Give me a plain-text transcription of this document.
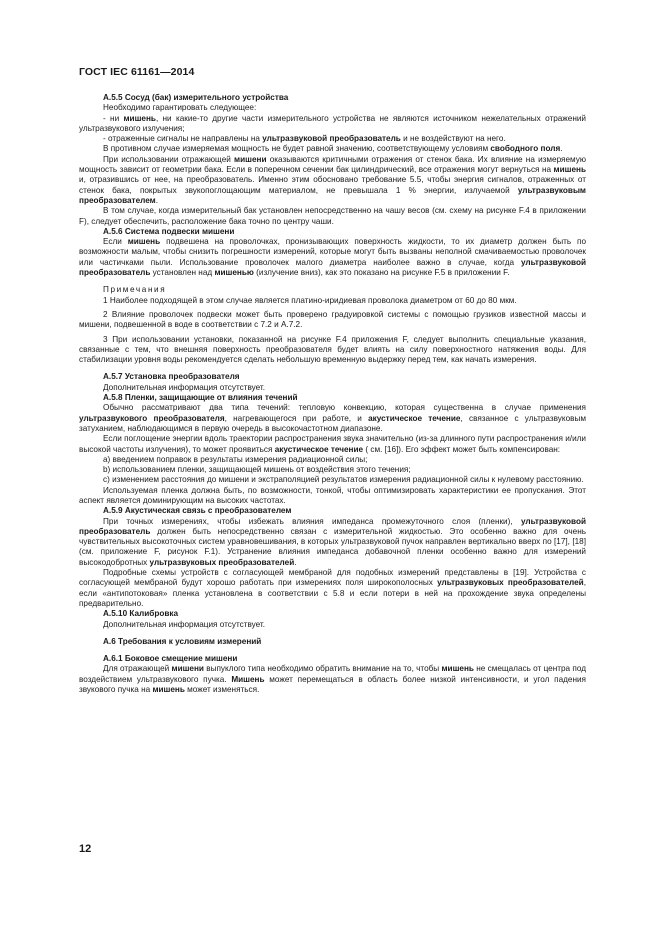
ГОСТ IEC 61161—2014

А.5.5 Сосуд (бак) измерительного устройства

Необходимо гарантировать следующее:

- ни мишень, ни какие-то другие части измерительного устройства не являются источником нежелательных отражений ультразвукового излучения;

- отраженные сигналы не направлены на ультразвуковой преобразователь и не воздействуют на него.

В противном случае измеряемая мощность не будет равной значению, соответствующему условиям свободного поля.

При использовании отражающей мишени оказываются критичными отражения от стенок бака. Их влияние на измеряемую мощность зависит от геометрии бака. Если в поперечном сечении бак цилиндрический, все отражения могут вернуться на мишень и, отразившись от нее, на преобразователь. Именно этим обосновано требование 5.5, чтобы энергия сигналов, отраженных от стенок бака, покрытых звукопоглощающим материалом, не превышала 1 % энергии, излучаемой ультразвуковым преобразователем.

В том случае, когда измерительный бак установлен непосредственно на чашу весов (см. схему на рисунке F.4 в приложении F), следует обеспечить, расположение бака точно по центру чаши.

А.5.6 Система подвески мишени

Если мишень подвешена на проволочках, пронизывающих поверхность жидкости, то их диаметр должен быть по возможности малым, чтобы снизить погрешности измерений, которые могут быть вызваны неполной смачиваемостью проволочек или частичками пыли. Использование проволочек малого диаметра наиболее важно в случае, когда ультразвуковой преобразователь установлен над мишенью (излучение вниз), как это показано на рисунке F.5 в приложении F.

Примечания

1 Наиболее подходящей в этом случае является платино-иридиевая проволока диаметром от 60 до 80 мкм.

2 Влияние проволочек подвески может быть проверено градуировкой системы с помощью грузиков известной массы и мишени, подвешенной в воде в соответствии с 7.2 и А.7.2.

3 При использовании установки, показанной на рисунке F.4 приложения F, следует выполнить специальные указания, связанные с тем, что внешняя поверхность преобразователя будет влиять на силу поверхностного натяжения воды. Для стабилизации уровня воды рекомендуется сделать небольшую временную выдержку перед тем, как начать измерения.

А.5.7 Установка преобразователя

Дополнительная информация отсутствует.

А.5.8 Пленки, защищающие от влияния течений

Обычно рассматривают два типа течений: тепловую конвекцию, которая существенна в случае применения ультразвукового преобразователя, нагревающегося при работе, и акустическое течение, связанное с ультразвуковым затуханием, наблюдающимся в первую очередь в высокочастотном диапазоне.

Если поглощение энергии вдоль траектории распространения звука значительно (из-за длинного пути распространения и/или высокой частоты излучения), то может проявиться акустическое течение ( см. [16]). Его эффект может быть компенсирован:

а) введением поправок в результаты измерения радиационной силы;

b) использованием пленки, защищающей мишень от воздействия этого течения;

с) изменением расстояния до мишени и экстраполяцией результатов измерения радиационной силы к нулевому расстоянию.

Используемая пленка должна быть, по возможности, тонкой, чтобы оптимизировать характеристики ее пропускания. Этот аспект является доминирующим на высоких частотах.

А.5.9 Акустическая связь с преобразователем

При точных измерениях, чтобы избежать влияния импеданса промежуточного слоя (пленки), ультразвуковой преобразователь должен быть непосредственно связан с измерительной жидкостью. Это особенно важно для очень чувствительных высокоточных систем уравновешивания, в которых ультразвуковой пучок направлен вертикально вверх по [17], [18] (см. приложение F, рисунок F.1). Устранение влияния импеданса добавочной пленки особенно важно для измерений высокодобротных ультразвуковых преобразователей.

Подробные схемы устройств с согласующей мембраной для подобных измерений представлены в [19]. Устройства с согласующей мембраной будут хорошо работать при измерениях поля широкополосных ультразвуковых преобразователей, если «антипотоковая» пленка установлена в соответствии с 5.8 и если потери в ней на прохождение звука определены предварительно.

А.5.10 Калибровка

Дополнительная информация отсутствует.

А.6 Требования к условиям измерений

А.6.1 Боковое смещение мишени

Для отражающей мишени выпуклого типа необходимо обратить внимание на то, чтобы мишень не смещалась от центра под воздействием ультразвукового пучка. Мишень может перемещаться в область более низкой интенсивности, и угол падения звукового пучка на мишень может изменяться.

12
